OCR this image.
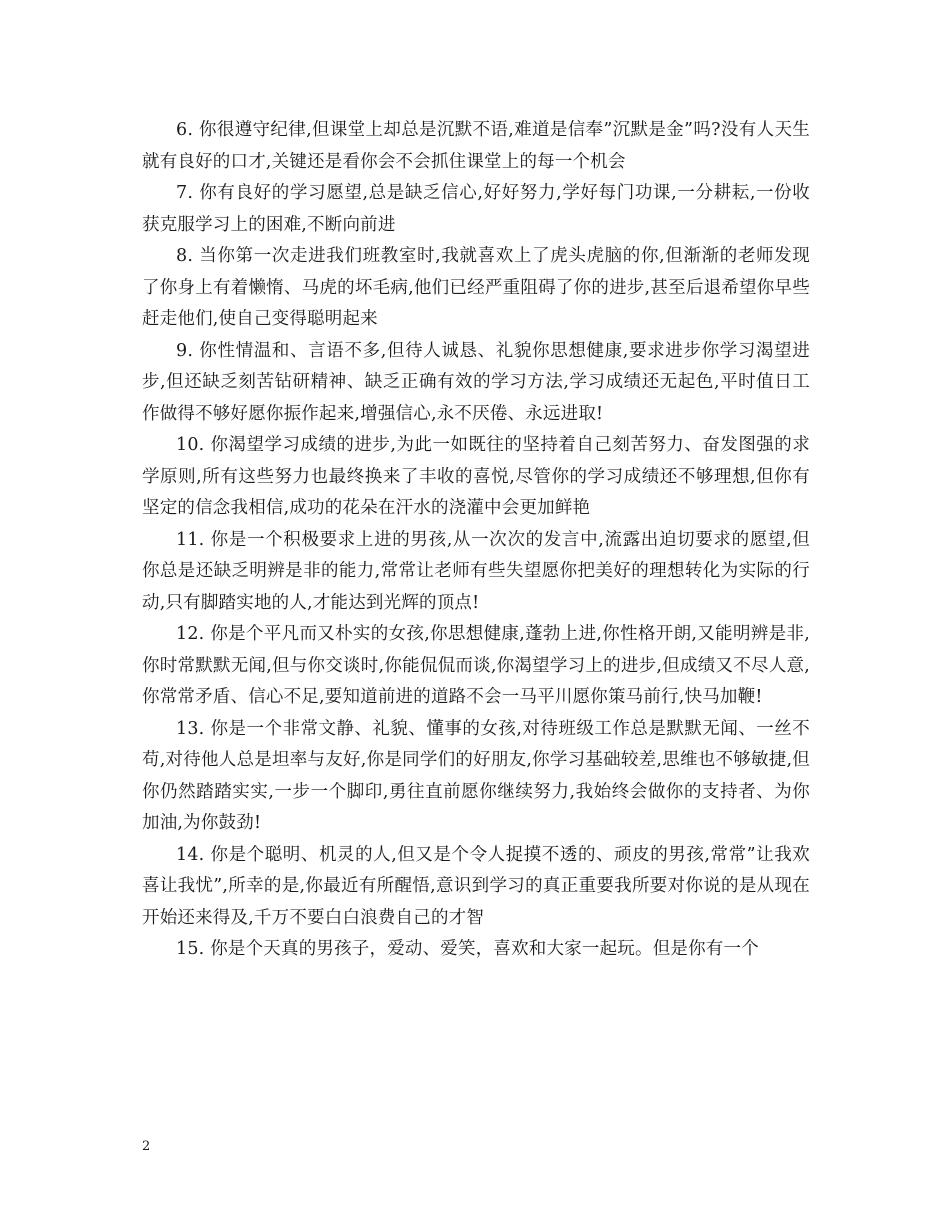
6. 你很遵守纪律,但课堂上却总是沉默不语,难道是信奉”沉默是金”吗?没有人天生就有良好的口才,关键还是看你会不会抓住课堂上的每一个机会

7. 你有良好的学习愿望,总是缺乏信心,好好努力,学好每门功课,一分耕耘,一份收获克服学习上的困难,不断向前进

8. 当你第一次走进我们班教室时,我就喜欢上了虎头虎脑的你,但渐渐的老师发现了你身上有着懒惰、马虎的坏毛病,他们已经严重阻碍了你的进步,甚至后退希望你早些赶走他们,使自己变得聪明起来

9. 你性情温和、言语不多,但待人诚恳、礼貌你思想健康,要求进步你学习渴望进步,但还缺乏刻苦钻研精神、缺乏正确有效的学习方法,学习成绩还无起色,平时值日工作做得不够好愿你振作起来,增强信心,永不厌倦、永远进取!

10. 你渴望学习成绩的进步,为此一如既往的坚持着自己刻苦努力、奋发图强的求学原则,所有这些努力也最终换来了丰收的喜悦,尽管你的学习成绩还不够理想,但你有坚定的信念我相信,成功的花朵在汗水的浇灌中会更加鲜艳

11. 你是一个积极要求上进的男孩,从一次次的发言中,流露出迫切要求的愿望,但你总是还缺乏明辨是非的能力,常常让老师有些失望愿你把美好的理想转化为实际的行动,只有脚踏实地的人,才能达到光辉的顶点!

12. 你是个平凡而又朴实的女孩,你思想健康,蓬勃上进,你性格开朗,又能明辨是非,你时常默默无闻,但与你交谈时,你能侃侃而谈,你渴望学习上的进步,但成绩又不尽人意,你常常矛盾、信心不足,要知道前进的道路不会一马平川愿你策马前行,快马加鞭!

13. 你是一个非常文静、礼貌、懂事的女孩,对待班级工作总是默默无闻、一丝不苟,对待他人总是坦率与友好,你是同学们的好朋友,你学习基础较差,思维也不够敏捷,但你仍然踏踏实实,一步一个脚印,勇往直前愿你继续努力,我始终会做你的支持者、为你加油,为你鼓劲!

14. 你是个聪明、机灵的人,但又是个令人捉摸不透的、顽皮的男孩,常常”让我欢喜让我忧”,所幸的是,你最近有所醒悟,意识到学习的真正重要我所要对你说的是从现在开始还来得及,千万不要白白浪费自己的才智

15. 你是个天真的男孩子，爱动、爱笑，喜欢和大家一起玩。但是你有一个

2
